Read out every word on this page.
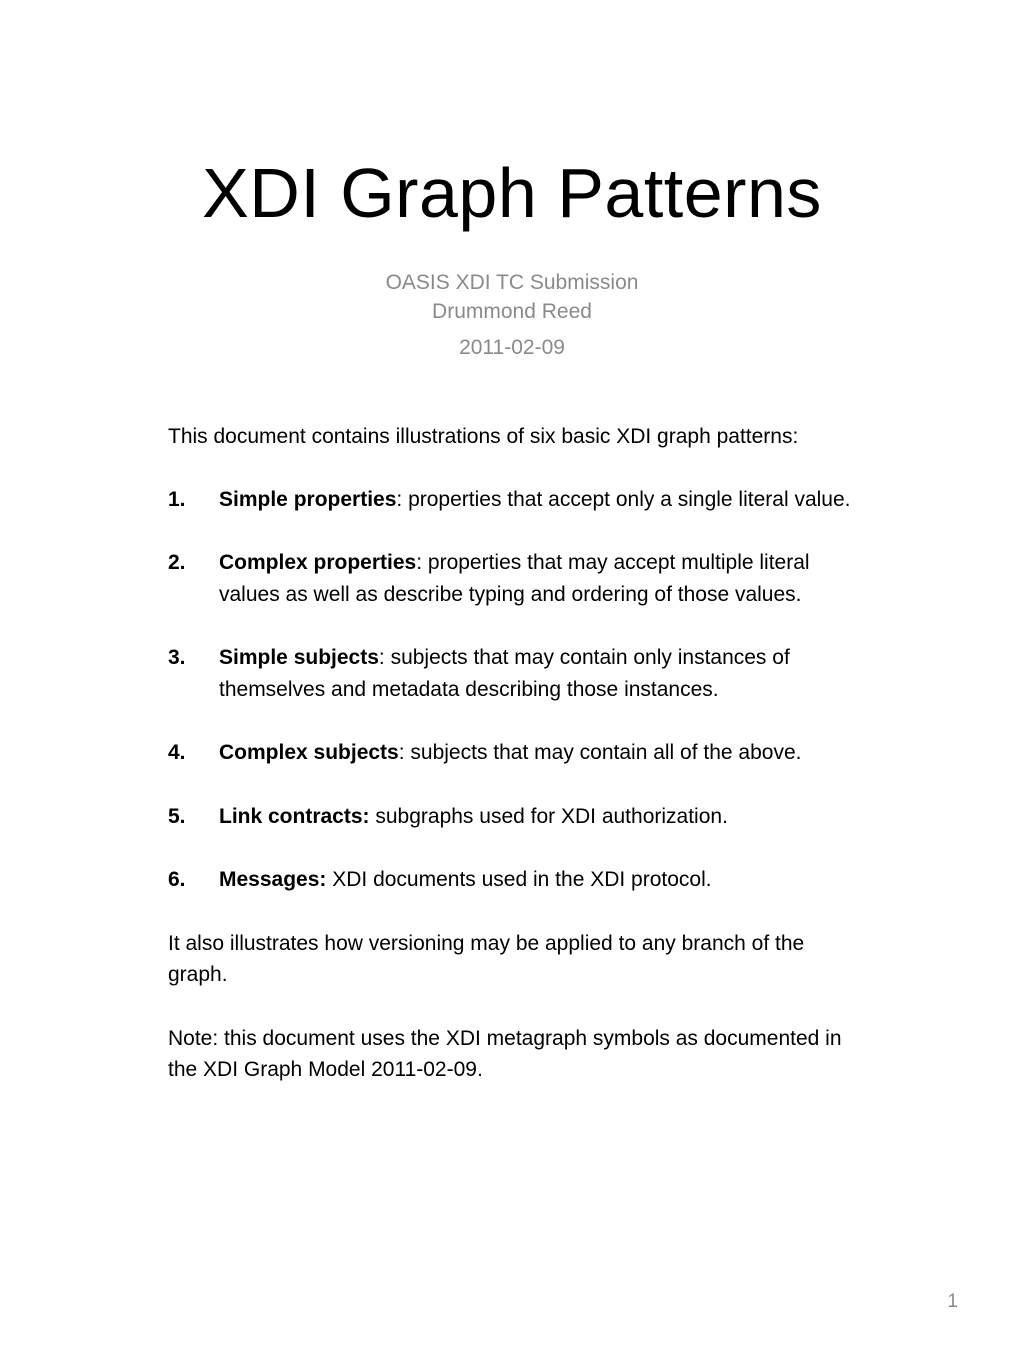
XDI Graph Patterns
OASIS XDI TC Submission
Drummond Reed
2011-02-09

This document contains illustrations of six basic XDI graph patterns:

1. Simple properties: properties that accept only a single literal value.
2. Complex properties: properties that may accept multiple literal values as well as describe typing and ordering of those values.
3. Simple subjects: subjects that may contain only instances of themselves and metadata describing those instances.
4. Complex subjects: subjects that may contain all of the above.
5. Link contracts: subgraphs used for XDI authorization.
6. Messages: XDI documents used in the XDI protocol.

It also illustrates how versioning may be applied to any branch of the graph.

Note: this document uses the XDI metagraph symbols as documented in the XDI Graph Model 2011-02-09.

1
